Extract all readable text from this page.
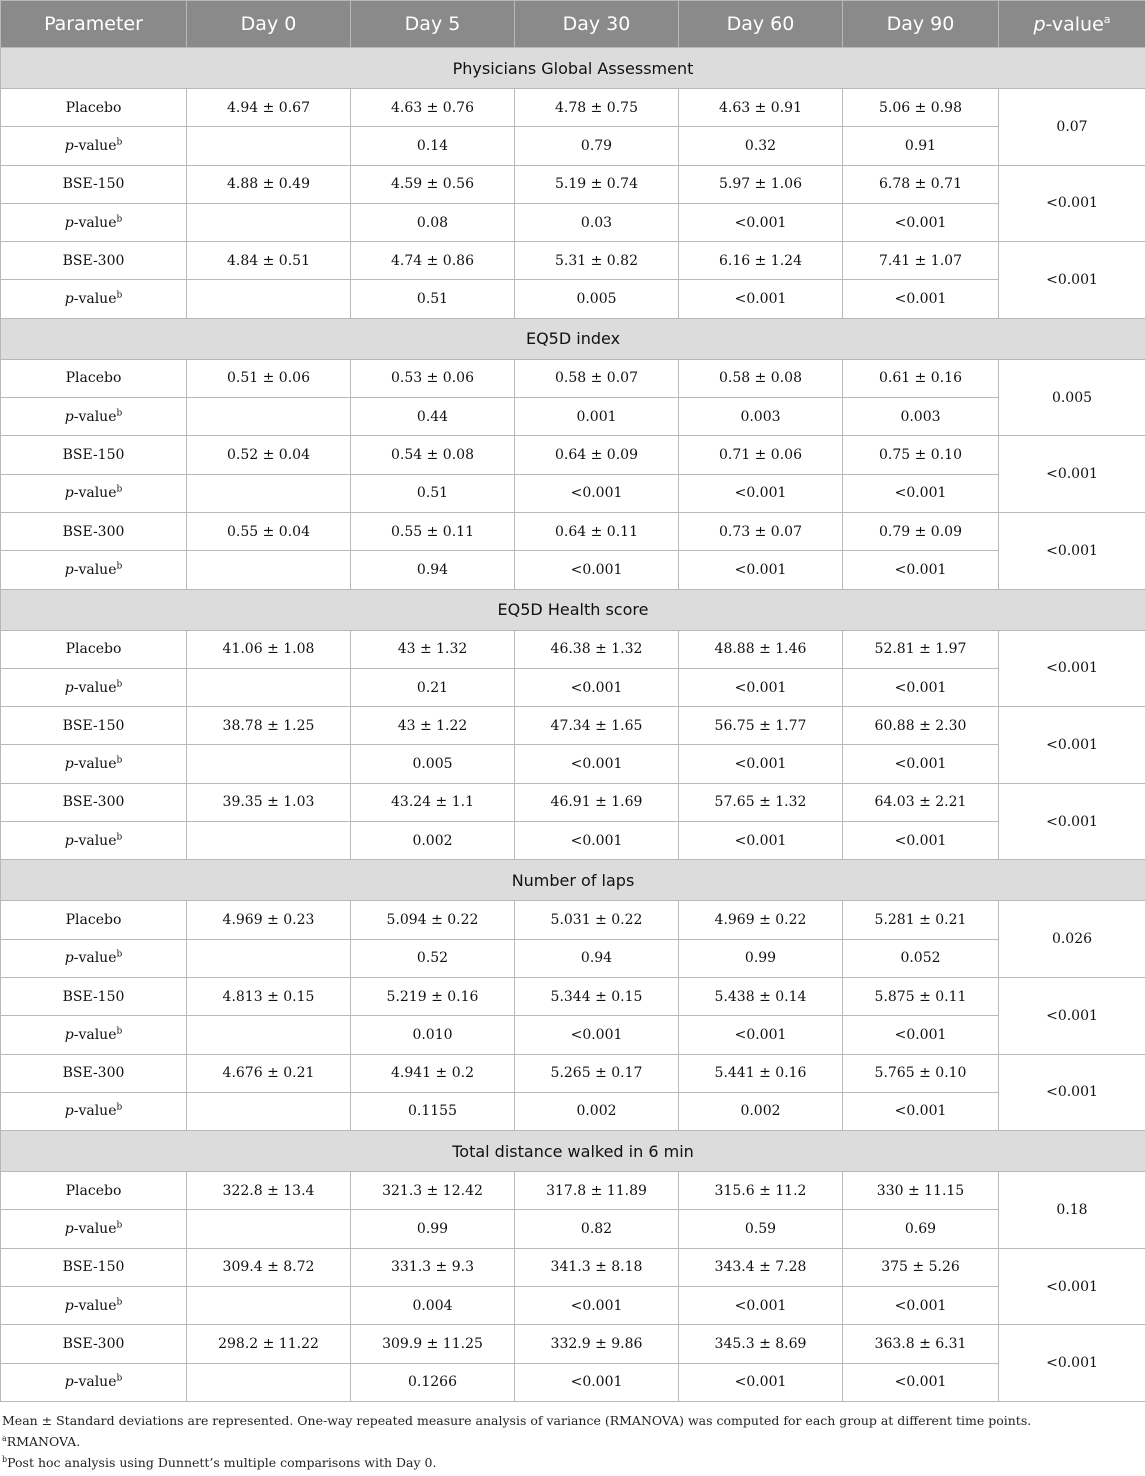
Parameter	Day 0	Day 5	Day 30	Day 60	Day 90	p-value$^a$
Physicians Global Assessment						
Placebo	4.94 ± 0.67	4.63 ± 0.76	4.78 ± 0.75	4.63 ± 0.91	5.06 ± 0.98	0.07
p-value$^b$		0.14	0.79	0.32	0.91	
BSE-150	4.88 ± 0.49	4.59 ± 0.56	5.19 ± 0.74	5.97 ± 1.06	6.78 ± 0.71	<0.001
p-value$^b$		0.08	0.03	<0.001	<0.001	
BSE-300	4.84 ± 0.51	4.74 ± 0.86	5.31 ± 0.82	6.16 ± 1.24	7.41 ± 1.07	<0.001
p-value$^b$		0.51	0.005	<0.001	<0.001	
EQ5D index						
Placebo	0.51 ± 0.06	0.53 ± 0.06	0.58 ± 0.07	0.58 ± 0.08	0.61 ± 0.16	0.005
p-value$^b$		0.44	0.001	0.003	0.003	
BSE-150	0.52 ± 0.04	0.54 ± 0.08	0.64 ± 0.09	0.71 ± 0.06	0.75 ± 0.10	<0.001
p-value$^b$		0.51	<0.001	<0.001	<0.001	
BSE-300	0.55 ± 0.04	0.55 ± 0.11	0.64 ± 0.11	0.73 ± 0.07	0.79 ± 0.09	<0.001
p-value$^b$		0.94	<0.001	<0.001	<0.001	
EQ5D Health score						
Placebo	41.06 ± 1.08	43 ± 1.32	46.38 ± 1.32	48.88 ± 1.46	52.81 ± 1.97	<0.001
p-value$^b$		0.21	<0.001	<0.001	<0.001	
BSE-150	38.78 ± 1.25	43 ± 1.22	47.34 ± 1.65	56.75 ± 1.77	60.88 ± 2.30	<0.001
p-value$^b$		0.005	<0.001	<0.001	<0.001	
BSE-300	39.35 ± 1.03	43.24 ± 1.1	46.91 ± 1.69	57.65 ± 1.32	64.03 ± 2.21	<0.001
p-value$^b$		0.002	<0.001	<0.001	<0.001	
Number of laps						
Placebo	4.969 ± 0.23	5.094 ± 0.22	5.031 ± 0.22	4.969 ± 0.22	5.281 ± 0.21	0.026
p-value$^b$		0.52	0.94	0.99	0.052	
BSE-150	4.813 ± 0.15	5.219 ± 0.16	5.344 ± 0.15	5.438 ± 0.14	5.875 ± 0.11	<0.001
p-value$^b$		0.010	<0.001	<0.001	<0.001	
BSE-300	4.676 ± 0.21	4.941 ± 0.2	5.265 ± 0.17	5.441 ± 0.16	5.765 ± 0.10	<0.001
p-value$^b$		0.1155	0.002	0.002	<0.001	
Total distance walked in 6 min						
Placebo	322.8 ± 13.4	321.3 ± 12.42	317.8 ± 11.89	315.6 ± 11.2	330 ± 11.15	0.18
p-value$^b$		0.99	0.82	0.59	0.69	
BSE-150	309.4 ± 8.72	331.3 ± 9.3	341.3 ± 8.18	343.4 ± 7.28	375 ± 5.26	<0.001
p-value$^b$		0.004	<0.001	<0.001	<0.001	
BSE-300	298.2 ± 11.22	309.9 ± 11.25	332.9 ± 9.86	345.3 ± 8.69	363.8 ± 6.31	<0.001
p-value$^b$		0.1266	<0.001	<0.001	<0.001	
Mean ± Standard deviations are represented. One-way repeated measure analysis of variance (RMANOVA) was computed for each group at different time points.
$^a$RMANOVA.
$^b$Post hoc analysis using Dunnett’s multiple comparisons with Day 0.
